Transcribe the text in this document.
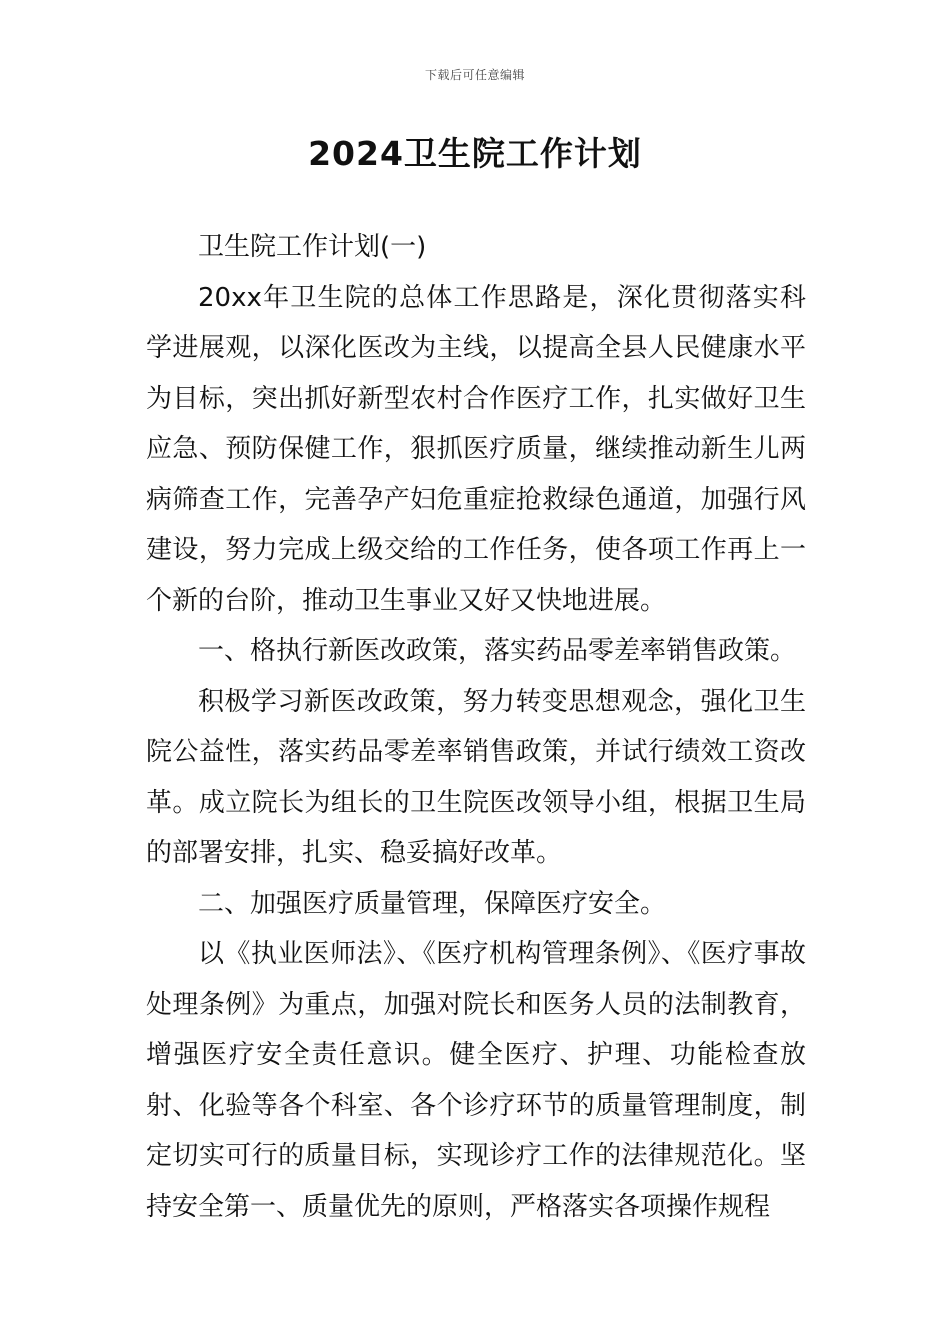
下载后可任意编辑
2024卫生院工作计划

卫生院工作计划(一)

20xx年卫生院的总体工作思路是，深化贯彻落实科学进展观，以深化医改为主线，以提高全县人民健康水平为目标，突出抓好新型农村合作医疗工作，扎实做好卫生应急、预防保健工作，狠抓医疗质量，继续推动新生儿两病筛查工作，完善孕产妇危重症抢救绿色通道，加强行风建设，努力完成上级交给的工作任务，使各项工作再上一个新的台阶，推动卫生事业又好又快地进展。

一、格执行新医改政策，落实药品零差率销售政策。

积极学习新医改政策，努力转变思想观念，强化卫生院公益性，落实药品零差率销售政策，并试行绩效工资改革。成立院长为组长的卫生院医改领导小组，根据卫生局的部署安排，扎实、稳妥搞好改革。

二、加强医疗质量管理，保障医疗安全。

以《执业医师法》、《医疗机构管理条例》、《医疗事故处理条例》为重点，加强对院长和医务人员的法制教育，增强医疗安全责任意识。健全医疗、护理、功能检查放射、化验等各个科室、各个诊疗环节的质量管理制度，制定切实可行的质量目标，实现诊疗工作的法律规范化。坚持安全第一、质量优先的原则，严格落实各项操作规程
